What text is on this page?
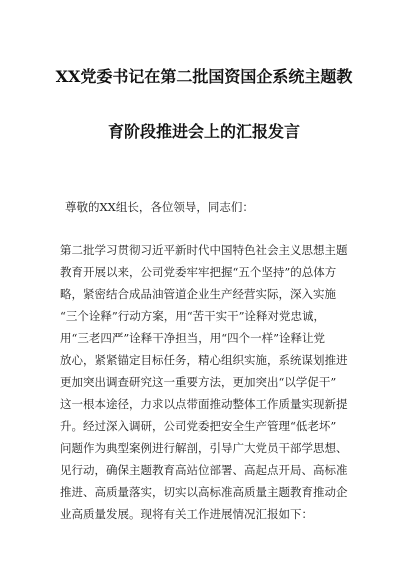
XX党委书记在第二批国资国企系统主题教
育阶段推进会上的汇报发言
尊敬的XX组长，各位领导，同志们：
第二批学习贯彻习近平新时代中国特色社会主义思想主题
教育开展以来，公司党委牢牢把握“五个坚持”的总体方
略，紧密结合成品油管道企业生产经营实际，深入实施
“三个诠释”行动方案，用“苦干实干”诠释对党忠诚，
用“三老四严”诠释干净担当，用“四个一样”诠释让党
放心，紧紧锚定目标任务，精心组织实施，系统谋划推进
更加突出调查研究这一重要方法，更加突出“以学促干”
这一根本途径，力求以点带面推动整体工作质量实现新提
升。经过深入调研，公司党委把安全生产管理“低老坏”
问题作为典型案例进行解剖，引导广大党员干部学思想、
见行动，确保主题教育高站位部署、高起点开局、高标准
推进、高质量落实，切实以高标准高质量主题教育推动企
业高质量发展。现将有关工作进展情况汇报如下：
